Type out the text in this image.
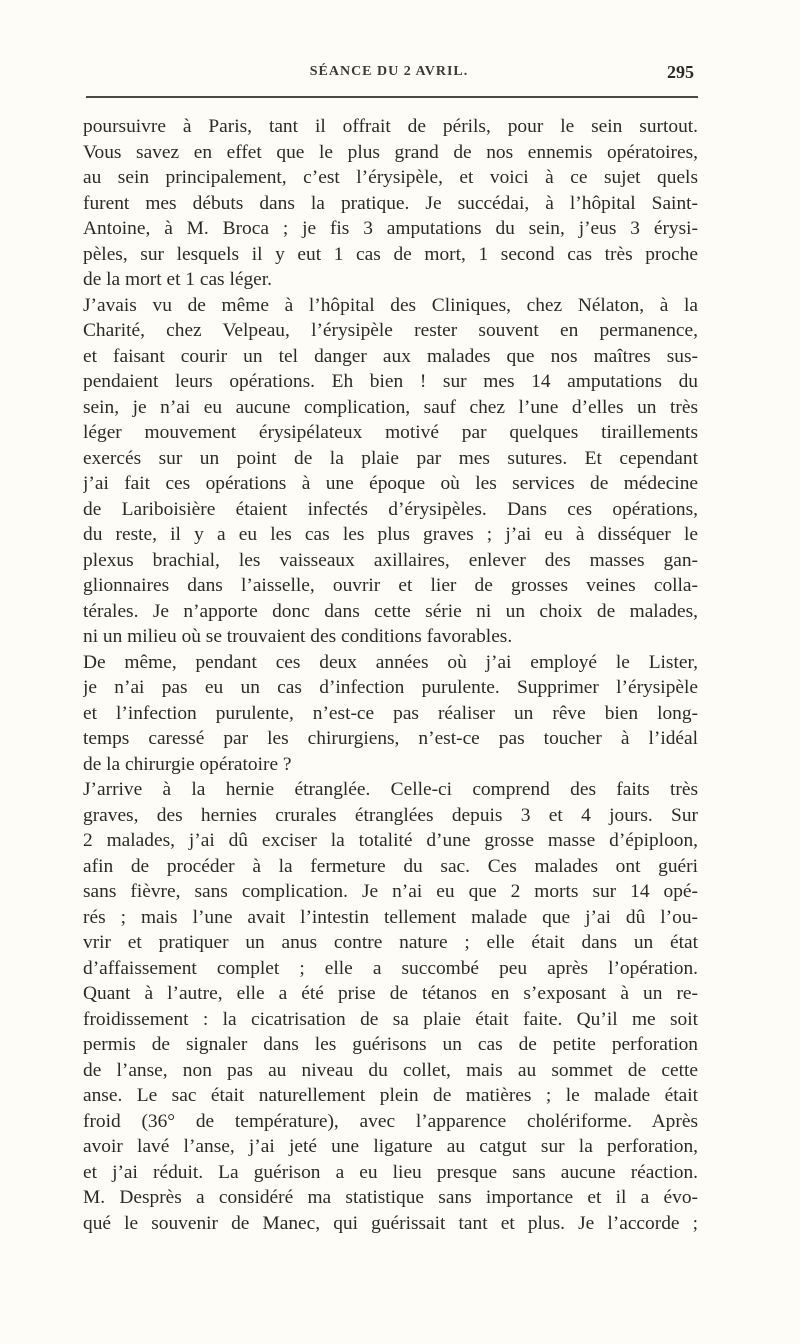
SÉANCE DU 2 AVRIL.	295
poursuivre à Paris, tant il offrait de périls, pour le sein surtout.
Vous savez en effet que le plus grand de nos ennemis opératoires,
au sein principalement, c’est l’érysipèle, et voici à ce sujet quels
furent mes débuts dans la pratique. Je succédai, à l’hôpital Saint-
Antoine, à M. Broca ; je fis 3 amputations du sein, j’eus 3 érysi-
pèles, sur lesquels il y eut 1 cas de mort, 1 second cas très proche
de la mort et 1 cas léger.
J’avais vu de même à l’hôpital des Cliniques, chez Nélaton, à la
Charité, chez Velpeau, l’érysipèle rester souvent en permanence,
et faisant courir un tel danger aux malades que nos maîtres sus-
pendaient leurs opérations. Eh bien ! sur mes 14 amputations du
sein, je n’ai eu aucune complication, sauf chez l’une d’elles un très
léger mouvement érysipélateux motivé par quelques tiraillements
exercés sur un point de la plaie par mes sutures. Et cependant
j’ai fait ces opérations à une époque où les services de médecine
de Lariboisière étaient infectés d’érysipèles. Dans ces opérations,
du reste, il y a eu les cas les plus graves ; j’ai eu à disséquer le
plexus brachial, les vaisseaux axillaires, enlever des masses gan-
glionnaires dans l’aisselle, ouvrir et lier de grosses veines colla-
térales. Je n’apporte donc dans cette série ni un choix de malades,
ni un milieu où se trouvaient des conditions favorables.
De même, pendant ces deux années où j’ai employé le Lister,
je n’ai pas eu un cas d’infection purulente. Supprimer l’érysipèle
et l’infection purulente, n’est-ce pas réaliser un rêve bien long-
temps caressé par les chirurgiens, n’est-ce pas toucher à l’idéal
de la chirurgie opératoire ?
J’arrive à la hernie étranglée. Celle-ci comprend des faits très
graves, des hernies crurales étranglées depuis 3 et 4 jours. Sur
2 malades, j’ai dû exciser la totalité d’une grosse masse d’épiploon,
afin de procéder à la fermeture du sac. Ces malades ont guéri
sans fièvre, sans complication. Je n’ai eu que 2 morts sur 14 opé-
rés ; mais l’une avait l’intestin tellement malade que j’ai dû l’ou-
vrir et pratiquer un anus contre nature ; elle était dans un état
d’affaissement complet ; elle a succombé peu après l’opération.
Quant à l’autre, elle a été prise de tétanos en s’exposant à un re-
froidissement : la cicatrisation de sa plaie était faite. Qu’il me soit
permis de signaler dans les guérisons un cas de petite perforation
de l’anse, non pas au niveau du collet, mais au sommet de cette
anse. Le sac était naturellement plein de matières ; le malade était
froid (36° de température), avec l’apparence cholériforme. Après
avoir lavé l’anse, j’ai jeté une ligature au catgut sur la perforation,
et j’ai réduit. La guérison a eu lieu presque sans aucune réaction.
M. Desprès a considéré ma statistique sans importance et il a évo-
qué le souvenir de Manec, qui guérissait tant et plus. Je l’accorde ;
